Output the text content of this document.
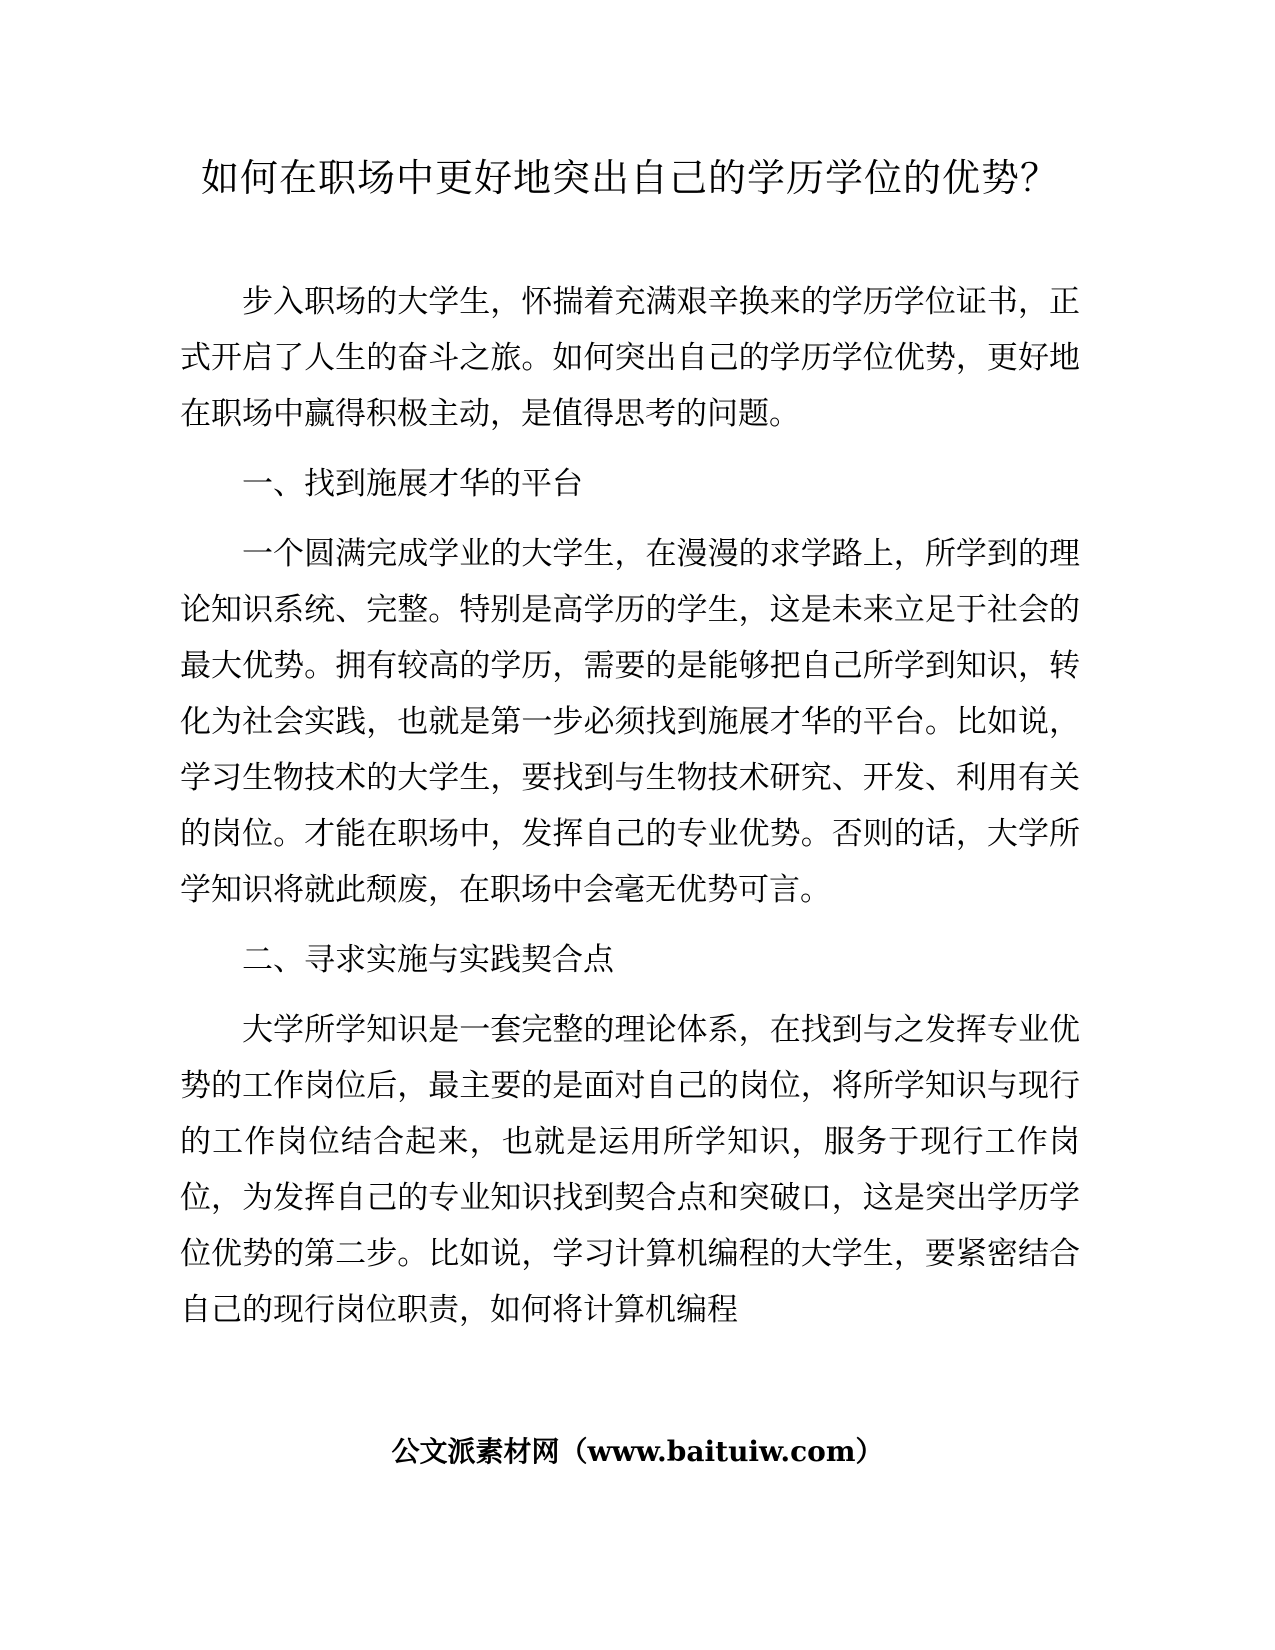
如何在职场中更好地突出自己的学历学位的优势？

步入职场的大学生，怀揣着充满艰辛换来的学历学位证书，正式开启了人生的奋斗之旅。如何突出自己的学历学位优势，更好地在职场中赢得积极主动，是值得思考的问题。

一、找到施展才华的平台

一个圆满完成学业的大学生，在漫漫的求学路上，所学到的理论知识系统、完整。特别是高学历的学生，这是未来立足于社会的最大优势。拥有较高的学历，需要的是能够把自己所学到知识，转化为社会实践，也就是第一步必须找到施展才华的平台。比如说，学习生物技术的大学生，要找到与生物技术研究、开发、利用有关的岗位。才能在职场中，发挥自己的专业优势。否则的话，大学所学知识将就此颓废，在职场中会毫无优势可言。

二、寻求实施与实践契合点

大学所学知识是一套完整的理论体系，在找到与之发挥专业优势的工作岗位后，最主要的是面对自己的岗位，将所学知识与现行的工作岗位结合起来，也就是运用所学知识，服务于现行工作岗位，为发挥自己的专业知识找到契合点和突破口，这是突出学历学位优势的第二步。比如说，学习计算机编程的大学生，要紧密结合自己的现行岗位职责，如何将计算机编程

公文派素材网（www.baituiw.com）
